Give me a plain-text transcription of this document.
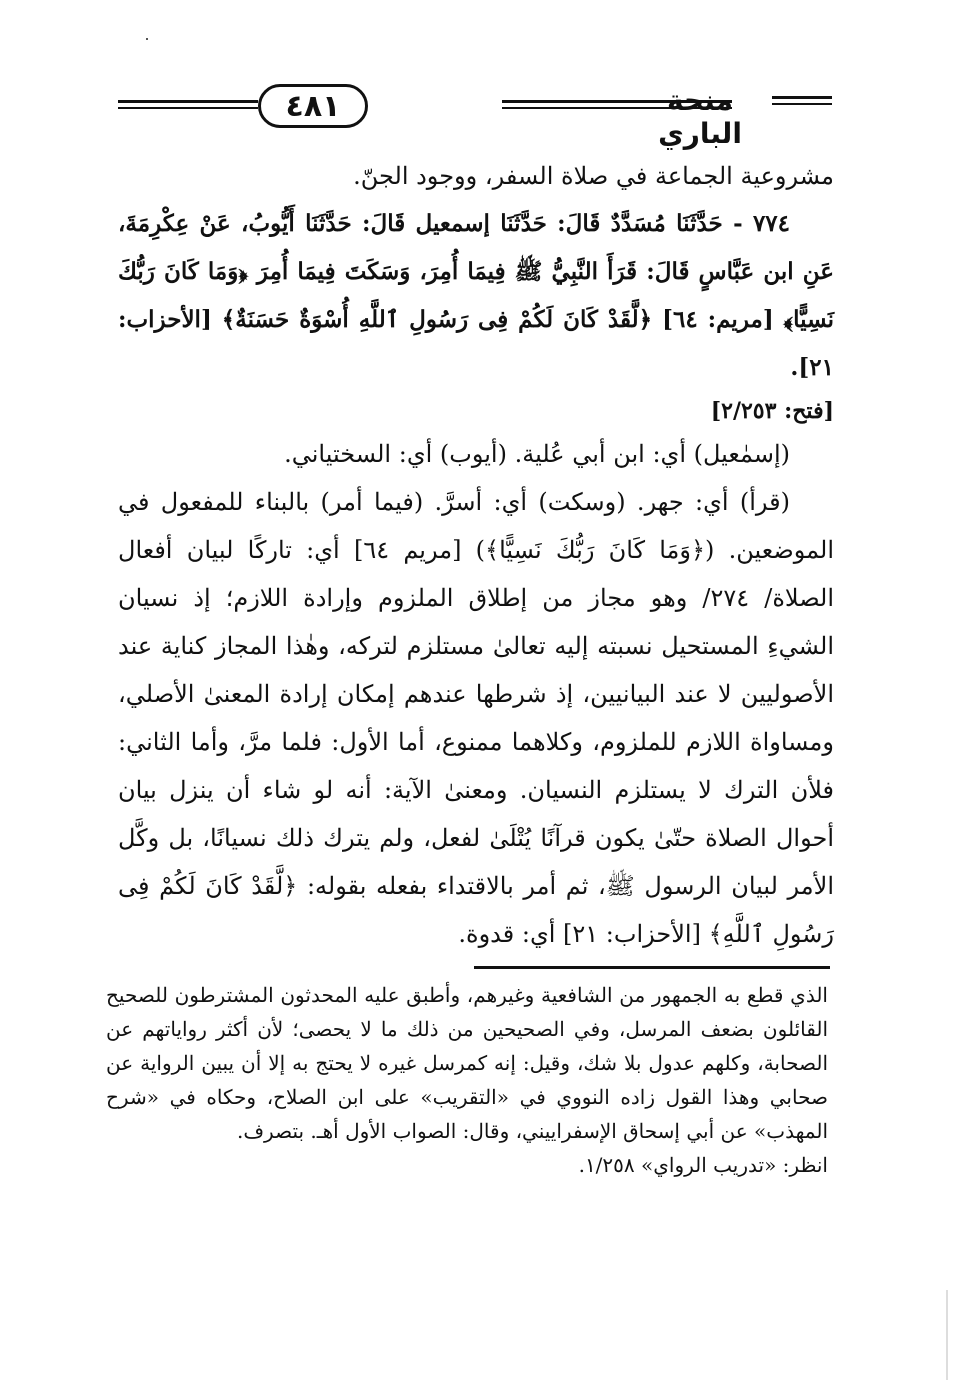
٤٨١	منحة الباري

مشروعية الجماعة في صلاة السفر، ووجود الجنّ.

٧٧٤ - حَدَّثَنَا مُسَدَّدٌ قَالَ: حَدَّثَنَا إسمعيل قَالَ: حَدَّثَنَا أَيُّوبُ، عَنْ عِكْرِمَةَ، عَنِ ابن عَبَّاسٍ قَالَ: قَرَأَ النَّبِيُّ ﷺ فِيمَا أُمِرَ، وَسَكَتَ فِيمَا أُمِرَ ﴿وَمَا كَانَ رَبُّكَ نَسِيًّا﴾ [مريم: ٦٤] ﴿لَّقَدْ كَانَ لَكُمْ فِى رَسُولِ ٱللَّهِ أُسْوَةٌ حَسَنَةٌ﴾ [الأحزاب: ٢١].

[فتح: ٢/٢٥٣]

(إسمٰعيل) أي: ابن أبي عُلية. (أيوب) أي: السختياني.

(قرأ) أي: جهر. (وسكت) أي: أسرَّ. (فيما أمر) بالبناء للمفعول في الموضعين. (﴿وَمَا كَانَ رَبُّكَ نَسِيًّا﴾) [مريم ٦٤] أي: تاركًا لبيان أفعال الصلاة/ ٢٧٤/ وهو مجاز من إطلاق الملزوم وإرادة اللازم؛ إذ نسيان الشيءِ المستحيل نسبته إليه تعالىٰ مستلزم لتركه، وهٰذا المجاز كناية عند الأصوليين لا عند البيانيين، إذ شرطها عندهم إمكان إرادة المعنىٰ الأصلي، ومساواة اللازم للملزوم، وكلاهما ممنوع، أما الأول: فلما مرَّ، وأما الثاني: فلأن الترك لا يستلزم النسيان. ومعنىٰ الآية: أنه لو شاء أن ينزل بيان أحوال الصلاة حتّىٰ يكون قرآنًا يُتْلَىٰ لفعل، ولم يترك ذلك نسيانًا، بل وكَّل الأمر لبيان الرسول ﷺ، ثم أمر بالاقتداء بفعله بقوله: ﴿لَّقَدْ كَانَ لَكُمْ فِى رَسُولِ ٱللَّهِ﴾ [الأحزاب: ٢١] أي: قدوة.

الذي قطع به الجمهور من الشافعية وغيرهم، وأطبق عليه المحدثون المشترطون للصحيح القائلون بضعف المرسل، وفي الصحيحين من ذلك ما لا يحصى؛ لأن أكثر رواياتهم عن الصحابة، وكلهم عدول بلا شك، وقيل: إنه كمرسل غيره لا يحتج به إلا أن يبين الرواية عن صحابي وهذا القول زاده النووي في «التقريب» على ابن الصلاح، وحكاه في «شرح المهذب» عن أبي إسحاق الإسفراييني، وقال: الصواب الأول أهـ. بتصرف.

انظر: «تدريب الرواي» ١/٢٥٨.
